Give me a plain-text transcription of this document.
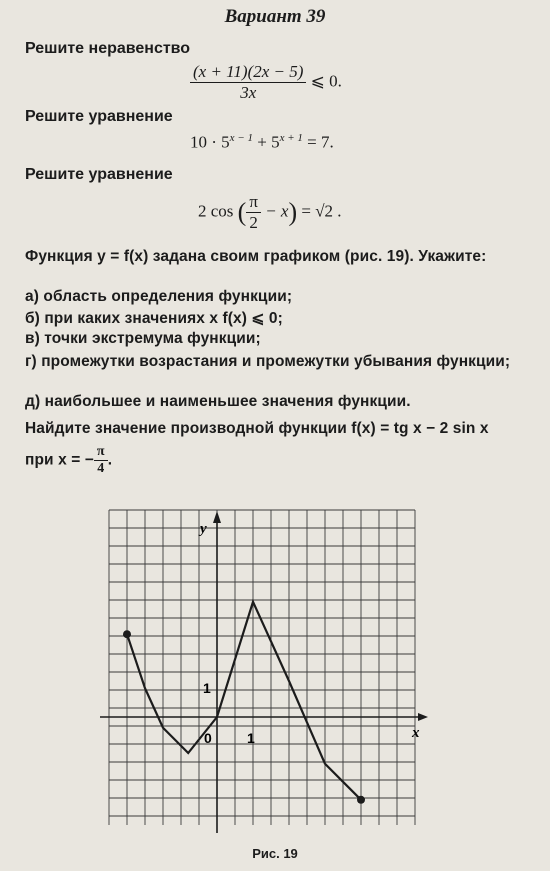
Вариант 39
Решите неравенство
$\frac{(x + 11)(2x - 5)}{3x}$ ⩽ 0.
Решите уравнение
$10 \cdot 5^{x - 1} + 5^{x + 1} = 7$.
Решите уравнение
2 cos ( $\frac{\pi}{2} - x) = √2$ .
Функция y = f(x) задана своим графиком (рис. 19). Укажите:
а) область определения функции;
б) при каких значениях x f(x) ⩽ 0;
в) точки экстремума функции;
г) промежутки возрастания и промежутки убывания функции;
д) наибольшее и наименьшее значения функции.
Найдите значение производной функции f(x) = tg x − 2 sin x
при x = − $\frac{\pi}{4}$ .
x
y
0	1
1
Рис. 19
